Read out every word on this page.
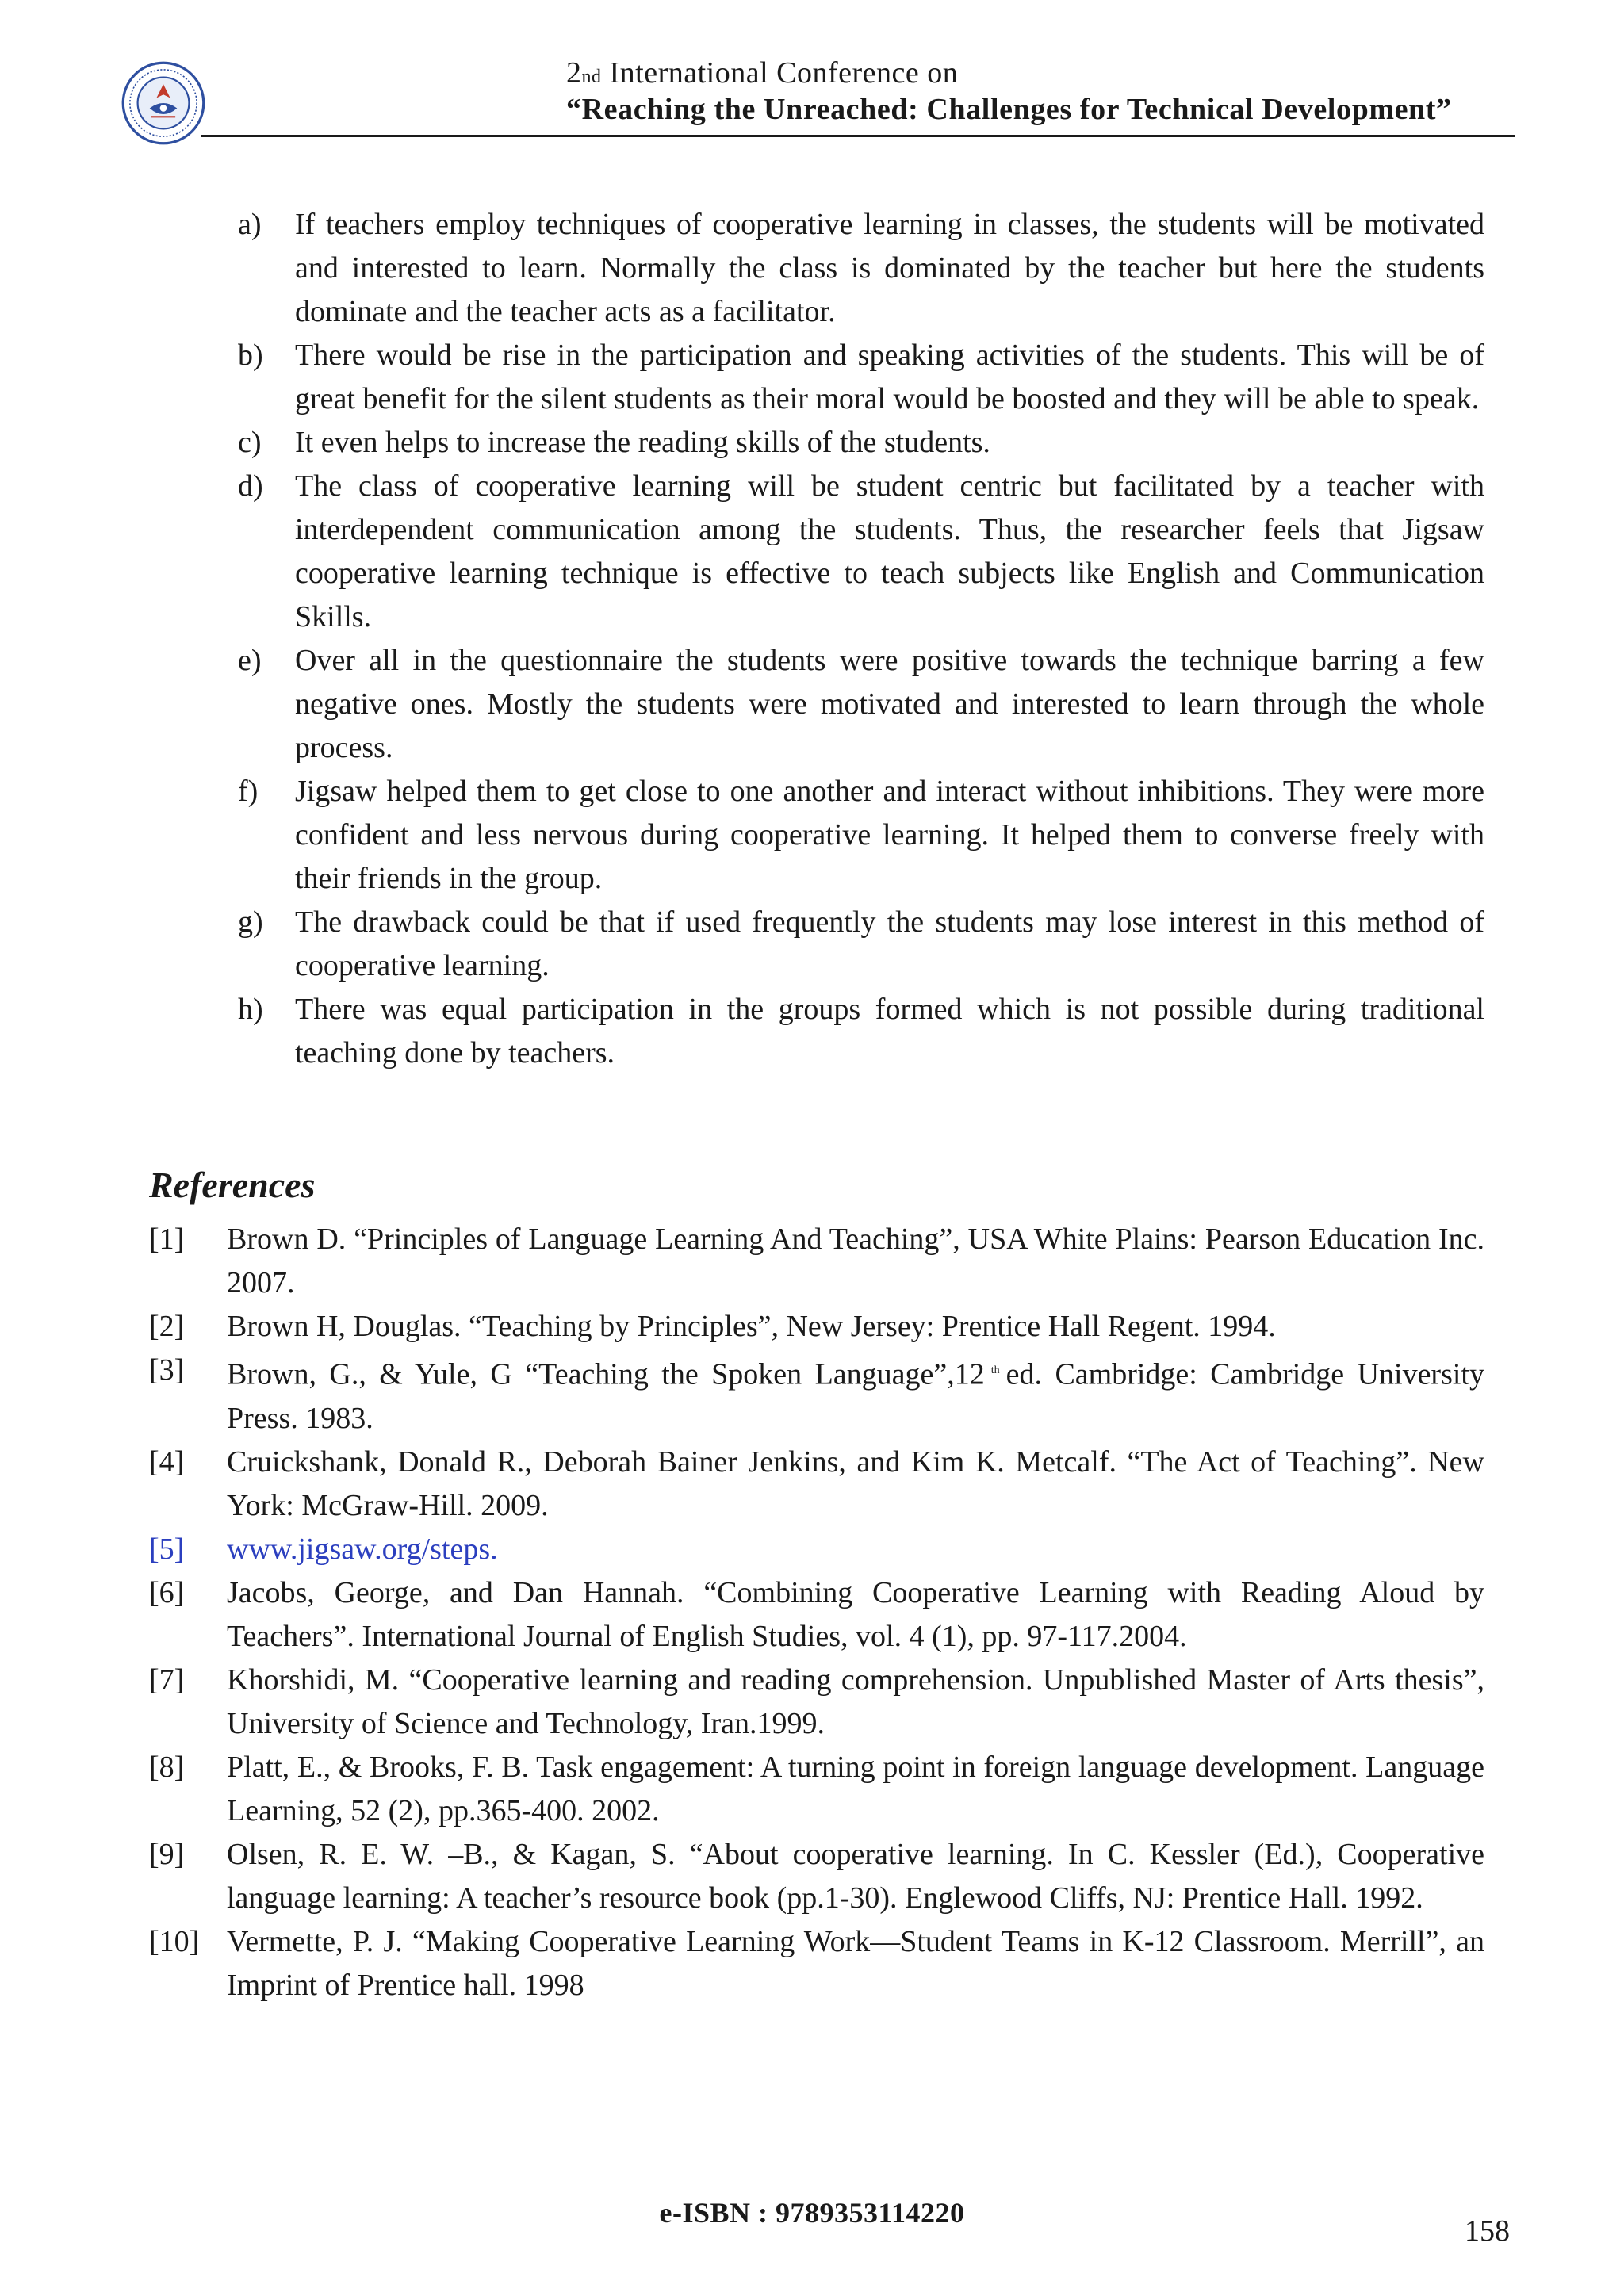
2nd International Conference on
“Reaching the Unreached: Challenges for Technical Development”
a) If teachers employ techniques of cooperative learning in classes, the students will be motivated and interested to learn. Normally the class is dominated by the teacher but here the students dominate and the teacher acts as a facilitator.
b) There would be rise in the participation and speaking activities of the students. This will be of great benefit for the silent students as their moral would be boosted and they will be able to speak.
c) It even helps to increase the reading skills of the students.
d) The class of cooperative learning will be student centric but facilitated by a teacher with interdependent communication among the students. Thus, the researcher feels that Jigsaw cooperative learning technique is effective to teach subjects like English and Communication Skills.
e) Over all in the questionnaire the students were positive towards the technique barring a few negative ones. Mostly the students were motivated and interested to learn through the whole process.
f) Jigsaw helped them to get close to one another and interact without inhibitions. They were more confident and less nervous during cooperative learning. It helped them to converse freely with their friends in the group.
g) The drawback could be that if used frequently the students may lose interest in this method of cooperative learning.
h) There was equal participation in the groups formed which is not possible during traditional teaching done by teachers.
References
[1] Brown D. “Principles of Language Learning And Teaching”, USA White Plains: Pearson Education Inc. 2007.
[2] Brown H, Douglas. “Teaching by Principles”, New Jersey: Prentice Hall Regent. 1994.
[3] Brown, G., & Yule, G “Teaching the Spoken Language”,12 $^{th}$ ed. Cambridge: Cambridge University Press. 1983.
[4] Cruickshank, Donald R., Deborah Bainer Jenkins, and Kim K. Metcalf. “The Act of Teaching”. New York: McGraw-Hill. 2009.
[5] www.jigsaw.org/steps.
[6] Jacobs, George, and Dan Hannah. “Combining Cooperative Learning with Reading Aloud by Teachers”. International Journal of English Studies, vol. 4 (1), pp. 97-117.2004.
[7] Khorshidi, M. “Cooperative learning and reading comprehension. Unpublished Master of Arts thesis”, University of Science and Technology, Iran.1999.
[8] Platt, E., & Brooks, F. B. Task engagement: A turning point in foreign language development. Language Learning, 52 (2), pp.365-400. 2002.
[9] Olsen, R. E. W. –B., & Kagan, S. “About cooperative learning. In C. Kessler (Ed.), Cooperative language learning: A teacher’s resource book (pp.1-30). Englewood Cliffs, NJ: Prentice Hall. 1992.
[10] Vermette, P. J. “Making Cooperative Learning Work—Student Teams in K-12 Classroom. Merrill”, an Imprint of Prentice hall. 1998
e-ISBN : 9789353114220
158
